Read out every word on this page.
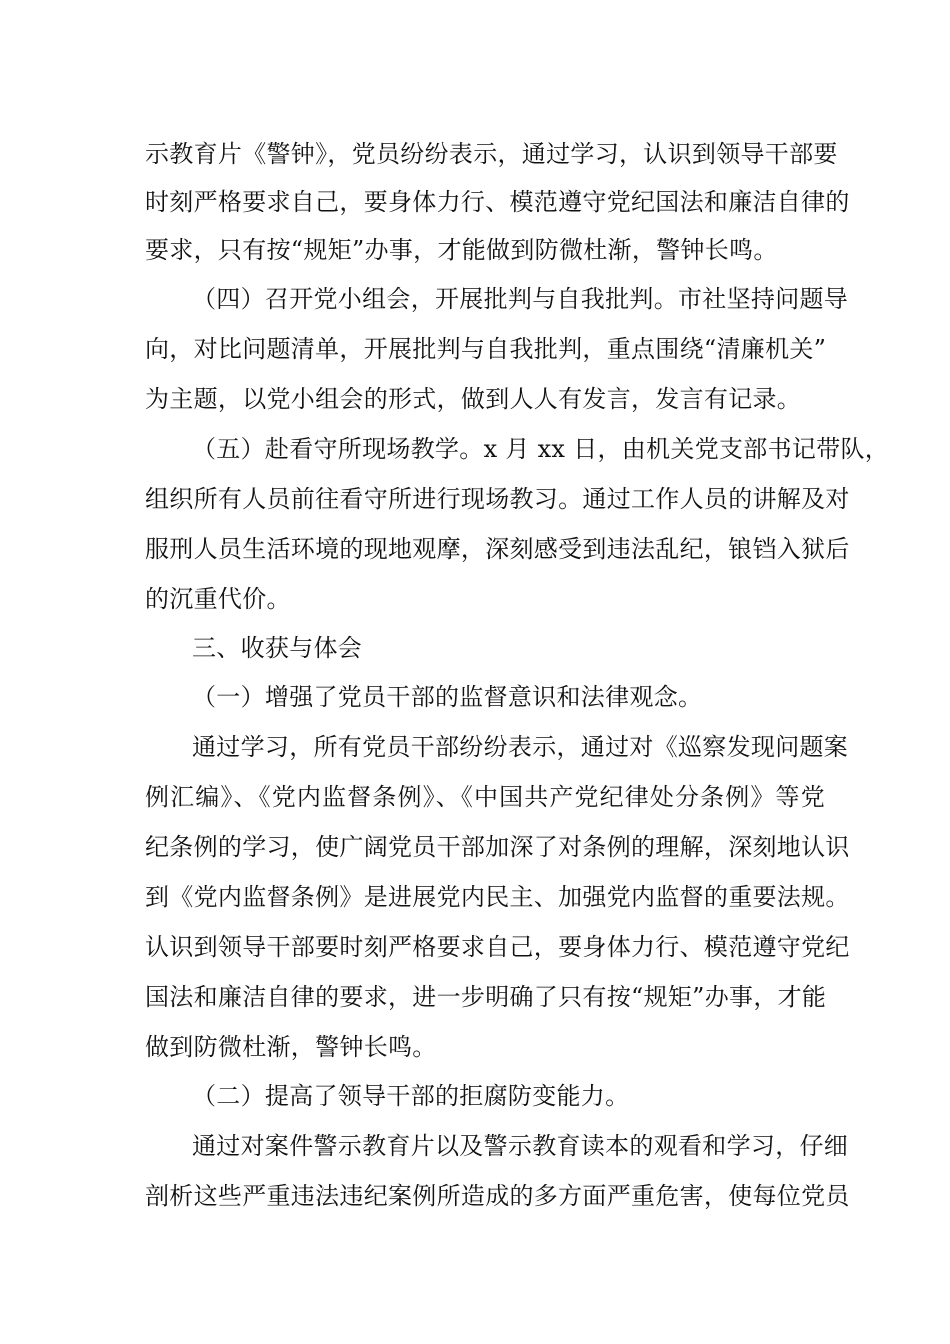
示教育片《警钟》，党员纷纷表示，通过学习，认识到领导干部要
时刻严格要求自己，要身体力行、模范遵守党纪国法和廉洁自律的
要求，只有按“规矩”办事，才能做到防微杜渐，警钟长鸣。
（四）召开党小组会，开展批判与自我批判。市社坚持问题导
向，对比问题清单，开展批判与自我批判，重点围绕“清廉机关”
为主题，以党小组会的形式，做到人人有发言，发言有记录。
（五）赴看守所现场教学。x 月 xx 日，由机关党支部书记带队，
组织所有人员前往看守所进行现场教习。通过工作人员的讲解及对
服刑人员生活环境的现地观摩，深刻感受到违法乱纪，锒铛入狱后
的沉重代价。
三、收获与体会
（一）增强了党员干部的监督意识和法律观念。
通过学习，所有党员干部纷纷表示，通过对《巡察发现问题案
例汇编》、《党内监督条例》、《中国共产党纪律处分条例》等党
纪条例的学习，使广阔党员干部加深了对条例的理解，深刻地认识
到《党内监督条例》是进展党内民主、加强党内监督的重要法规。
认识到领导干部要时刻严格要求自己，要身体力行、模范遵守党纪
国法和廉洁自律的要求，进一步明确了只有按“规矩”办事，才能
做到防微杜渐，警钟长鸣。
（二）提高了领导干部的拒腐防变能力。
通过对案件警示教育片以及警示教育读本的观看和学习，仔细
剖析这些严重违法违纪案例所造成的多方面严重危害，使每位党员
